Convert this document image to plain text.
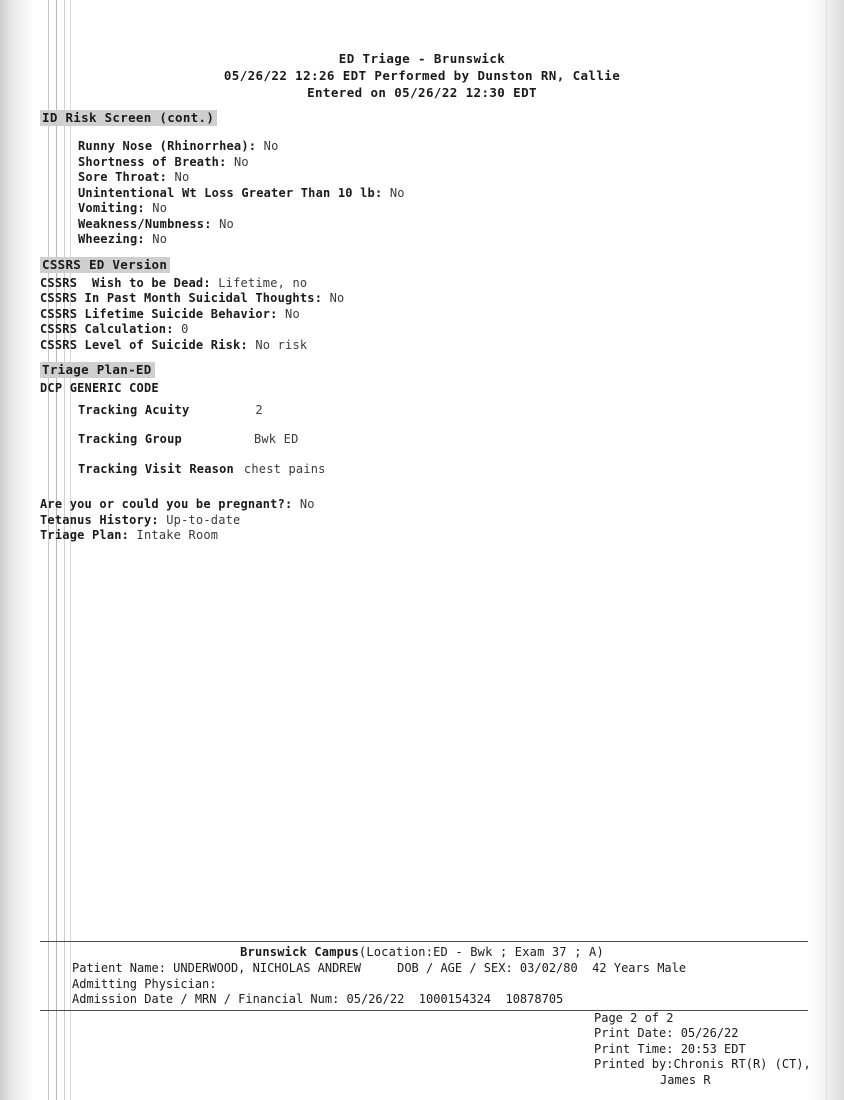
ED Triage - Brunswick
05/26/22 12:26 EDT Performed by Dunston RN, Callie
Entered on 05/26/22 12:30 EDT
ID Risk Screen (cont.)
Runny Nose (Rhinorrhea): No
Shortness of Breath: No
Sore Throat: No
Unintentional Wt Loss Greater Than 10 lb: No
Vomiting: No
Weakness/Numbness: No
Wheezing: No
CSSRS ED Version
CSSRS  Wish to be Dead: Lifetime, no
CSSRS In Past Month Suicidal Thoughts: No
CSSRS Lifetime Suicide Behavior: No
CSSRS Calculation: 0
CSSRS Level of Suicide Risk: No risk
Triage Plan-ED
DCP GENERIC CODE
Tracking Acuity	2
Tracking Group	Bwk ED
Tracking Visit Reason chest pains
Are you or could you be pregnant?: No
Tetanus History: Up-to-date
Triage Plan: Intake Room
Brunswick Campus(Location:ED - Bwk ; Exam 37 ; A)
Patient Name: UNDERWOOD, NICHOLAS ANDREW     DOB / AGE / SEX: 03/02/80  42 Years Male
Admitting Physician:
Admission Date / MRN / Financial Num: 05/26/22  1000154324  10878705
Page 2 of 2
Print Date: 05/26/22
Print Time: 20:53 EDT
Printed by:Chronis RT(R) (CT),
James R
